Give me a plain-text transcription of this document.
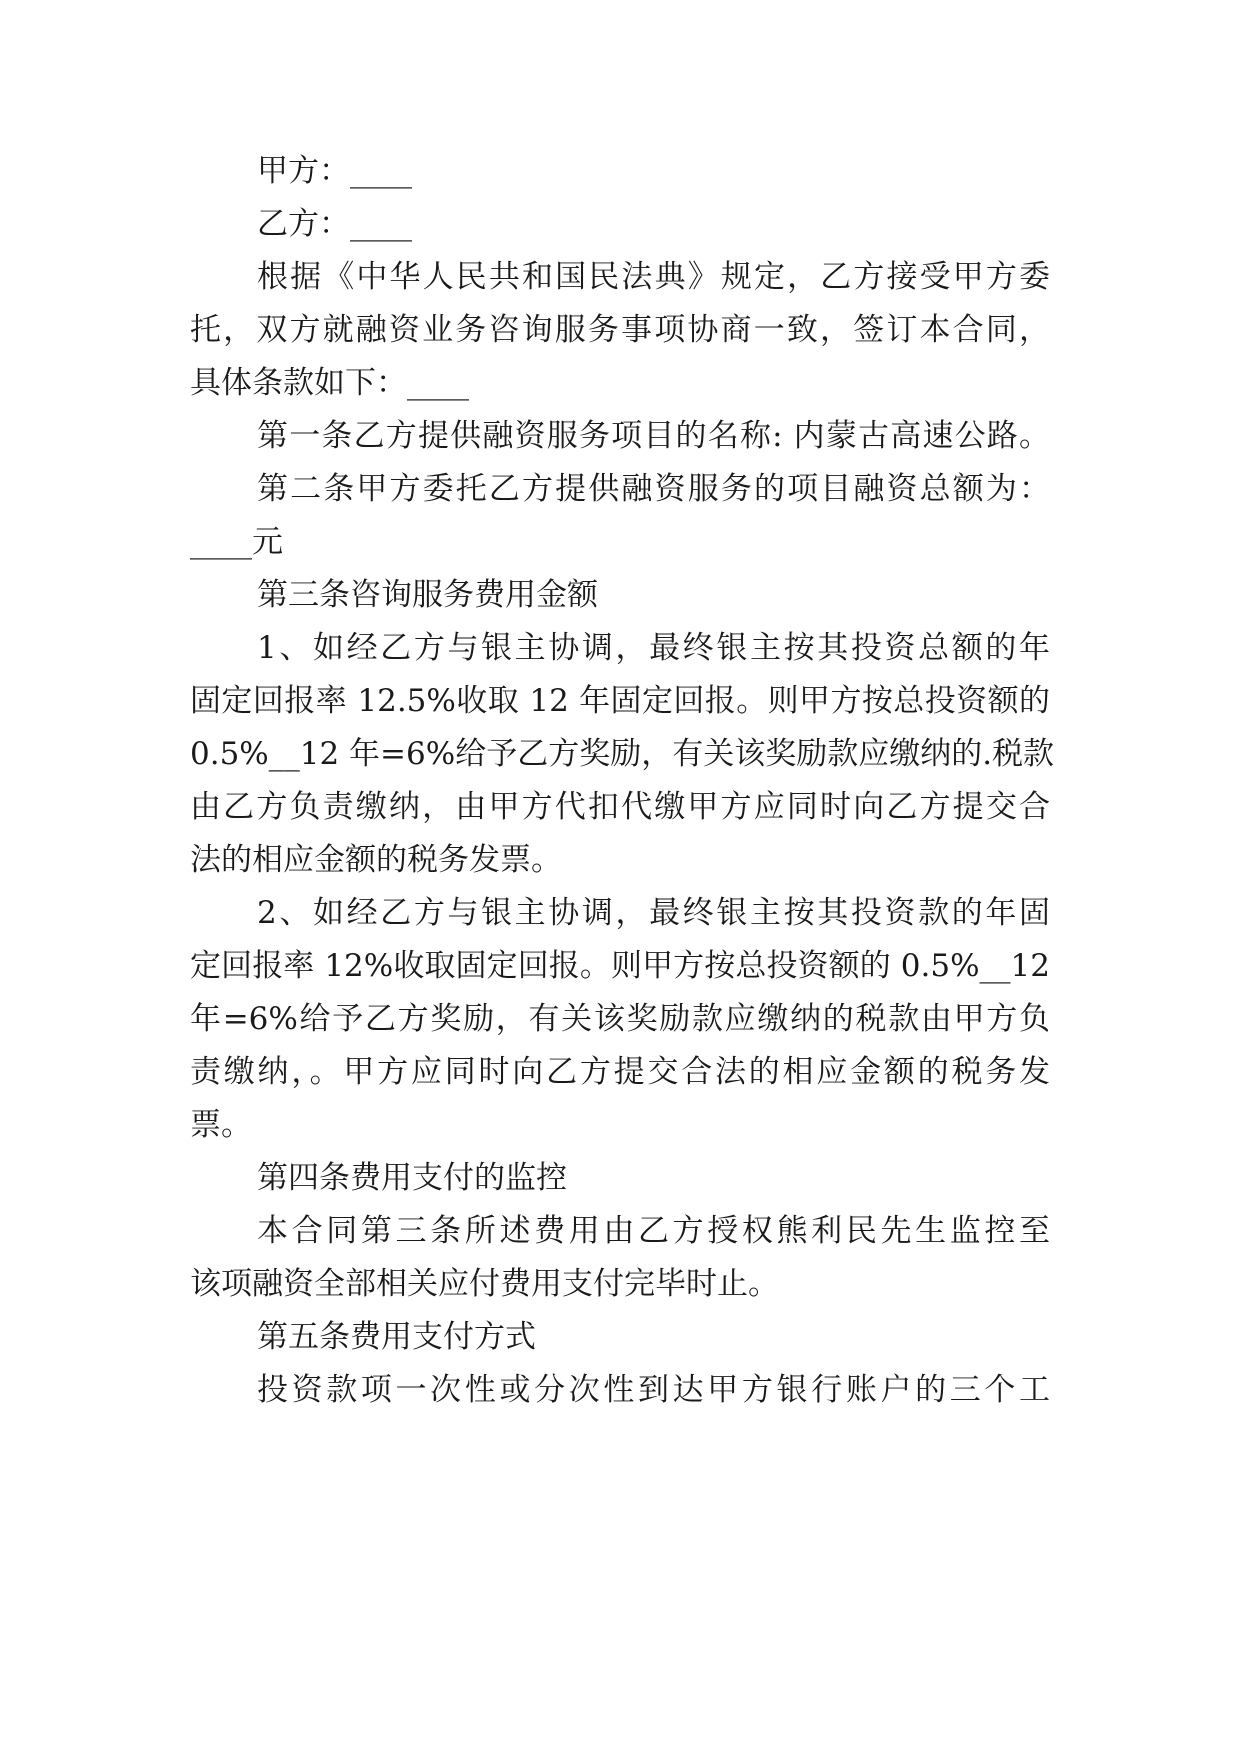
甲方：____
乙方：____
根据《中华人民共和国民法典》规定，乙方接受甲方委
托，双方就融资业务咨询服务事项协商一致，签订本合同，
具体条款如下：____
第一条乙方提供融资服务项目的名称: 内蒙古高速公路。
第二条甲方委托乙方提供融资服务的项目融资总额为：
____元
第三条咨询服务费用金额
1、如经乙方与银主协调，最终银主按其投资总额的年
固定回报率 12.5%收取 12 年固定回报。则甲方按总投资额的
0.5%__12 年=6%给予乙方奖励，有关该奖励款应缴纳的.税款
由乙方负责缴纳，由甲方代扣代缴甲方应同时向乙方提交合
法的相应金额的税务发票。
2、如经乙方与银主协调，最终银主按其投资款的年固
定回报率 12%收取固定回报。则甲方按总投资额的 0.5%__12
年=6%给予乙方奖励，有关该奖励款应缴纳的税款由甲方负
责缴纳，。甲方应同时向乙方提交合法的相应金额的税务发
票。
第四条费用支付的监控
本合同第三条所述费用由乙方授权熊利民先生监控至
该项融资全部相关应付费用支付完毕时止。
第五条费用支付方式
投资款项一次性或分次性到达甲方银行账户的三个工
